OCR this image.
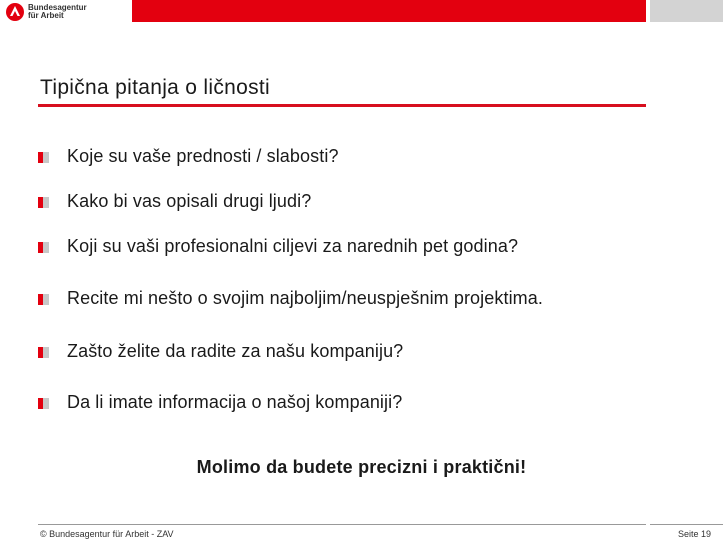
Bundesagentur
für Arbeit
Tipična pitanja o ličnosti
Koje su vaše prednosti / slabosti?
Kako bi vas opisali drugi ljudi?
Koji su vaši profesionalni ciljevi za narednih pet godina?
Recite mi nešto o svojim najboljim/neuspješnim projektima.
Zašto želite da radite za našu kompaniju?
Da li imate informacija o našoj kompaniji?
Molimo da budete precizni i praktični!
© Bundesagentur für Arbeit - ZAV	Seite 19
